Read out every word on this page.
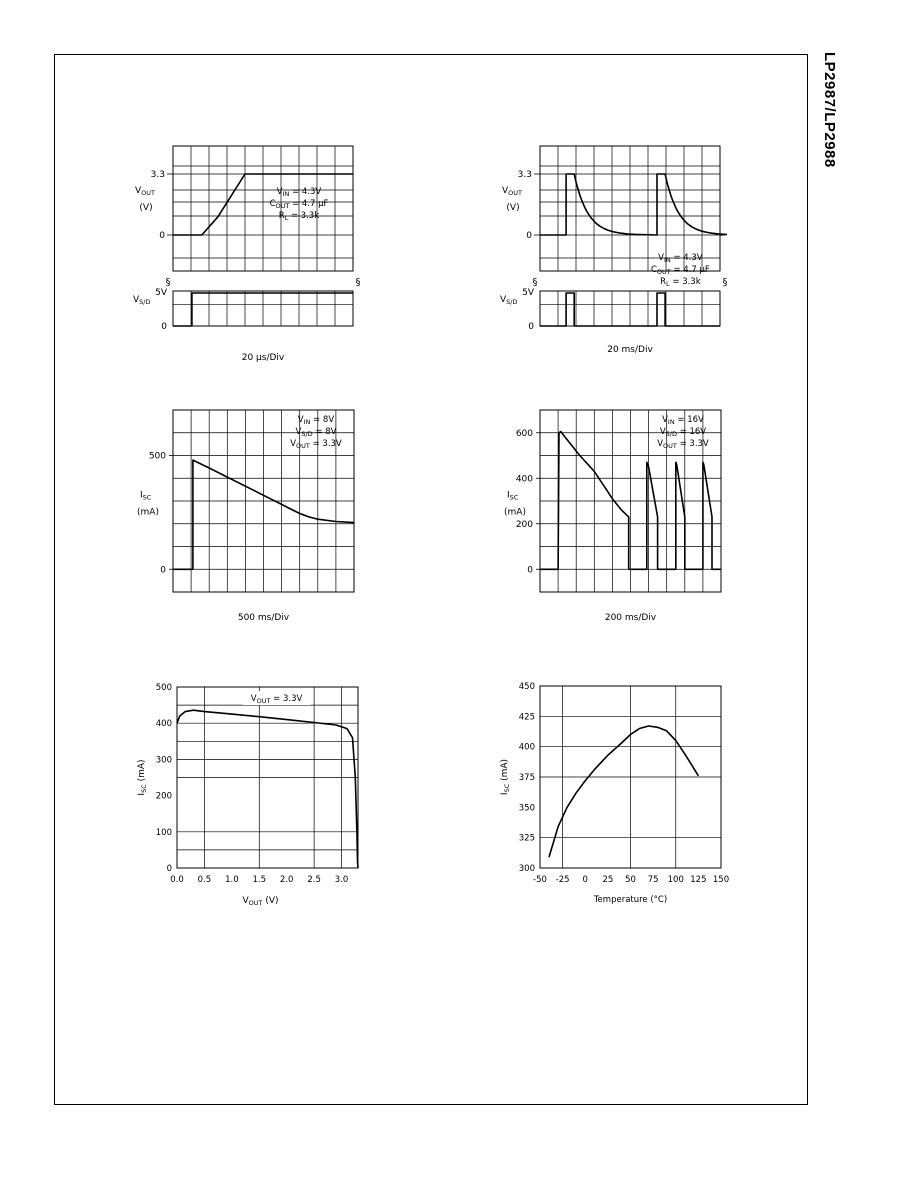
LP2987/LP2988
§	§
3.3
0
$V_{OUT}$
(V)
5V
0
$V_{S/D}$
20 µs/Div
$V_{IN} = 4.3V$
$C_{OUT} = 4.7$ µF
$R_L = 3.3k$
§	§
3.3
0
$V_{OUT}$
(V)
5V
0
$V_{S/D}$
20 ms/Div
$V_{IN} = 4.3V$
$C_{OUT} = 4.7$ µF
$R_L = 3.3k$
500
0
$I_{SC}$
(mA)
500 ms/Div
$V_{IN} = 8V$
$V_{S/D} = 8V$
$V_{OUT} = 3.3V$
600
400
200
0
$I_{SC}$
(mA)
200 ms/Div
$V_{IN} = 16V$
$V_{S/D} = 16V$
$V_{OUT} = 3.3V$
0
100
200
300
400
500
0.0 0.5 1.0 1.5 2.0 2.5 3.0
$I_{SC}$ (mA)
$V_{OUT}$ (V)
$V_{OUT} = 3.3V$
300
325
350
375
400
425
450
-50 -25 0 25 50 75 100 125 150
$I_{SC}$ (mA)
Temperature (°C)
